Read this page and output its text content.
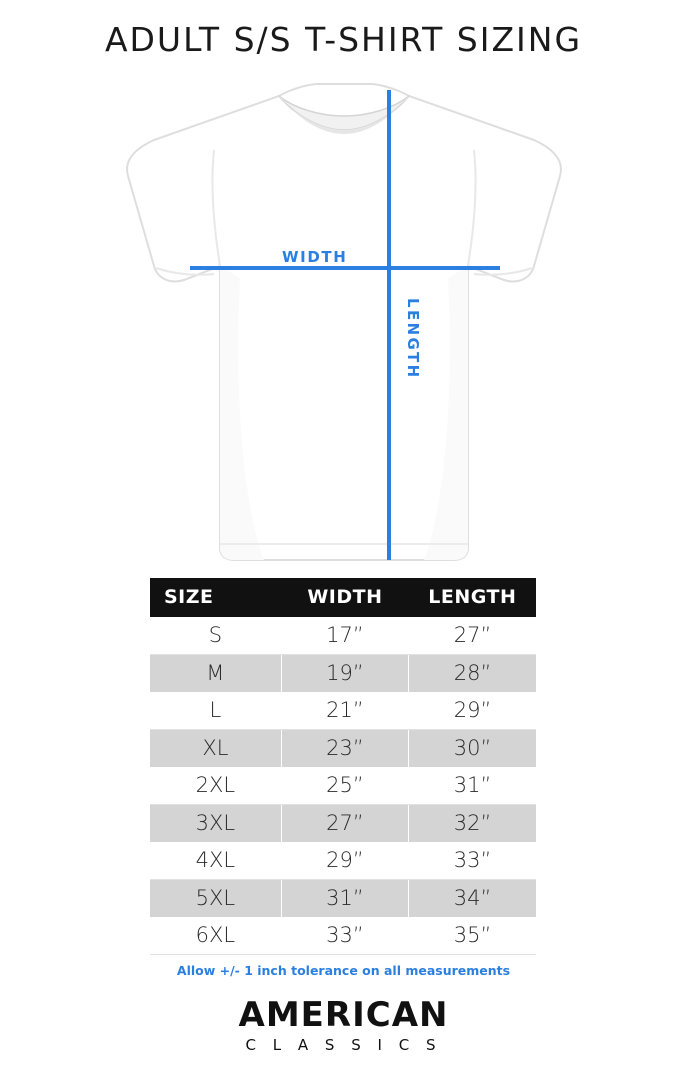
ADULT S/S T-SHIRT SIZING
WIDTH
LENGTH
SIZE	WIDTH	LENGTH
S	17”	27”
M	19”	28”
L	21”	29”
XL	23”	30”
2XL	25”	31”
3XL	27”	32”
4XL	29”	33”
5XL	31”	34”
6XL	33”	35”
Allow +/- 1 inch tolerance on all measurements
AMERICAN
C L A S S I C S
